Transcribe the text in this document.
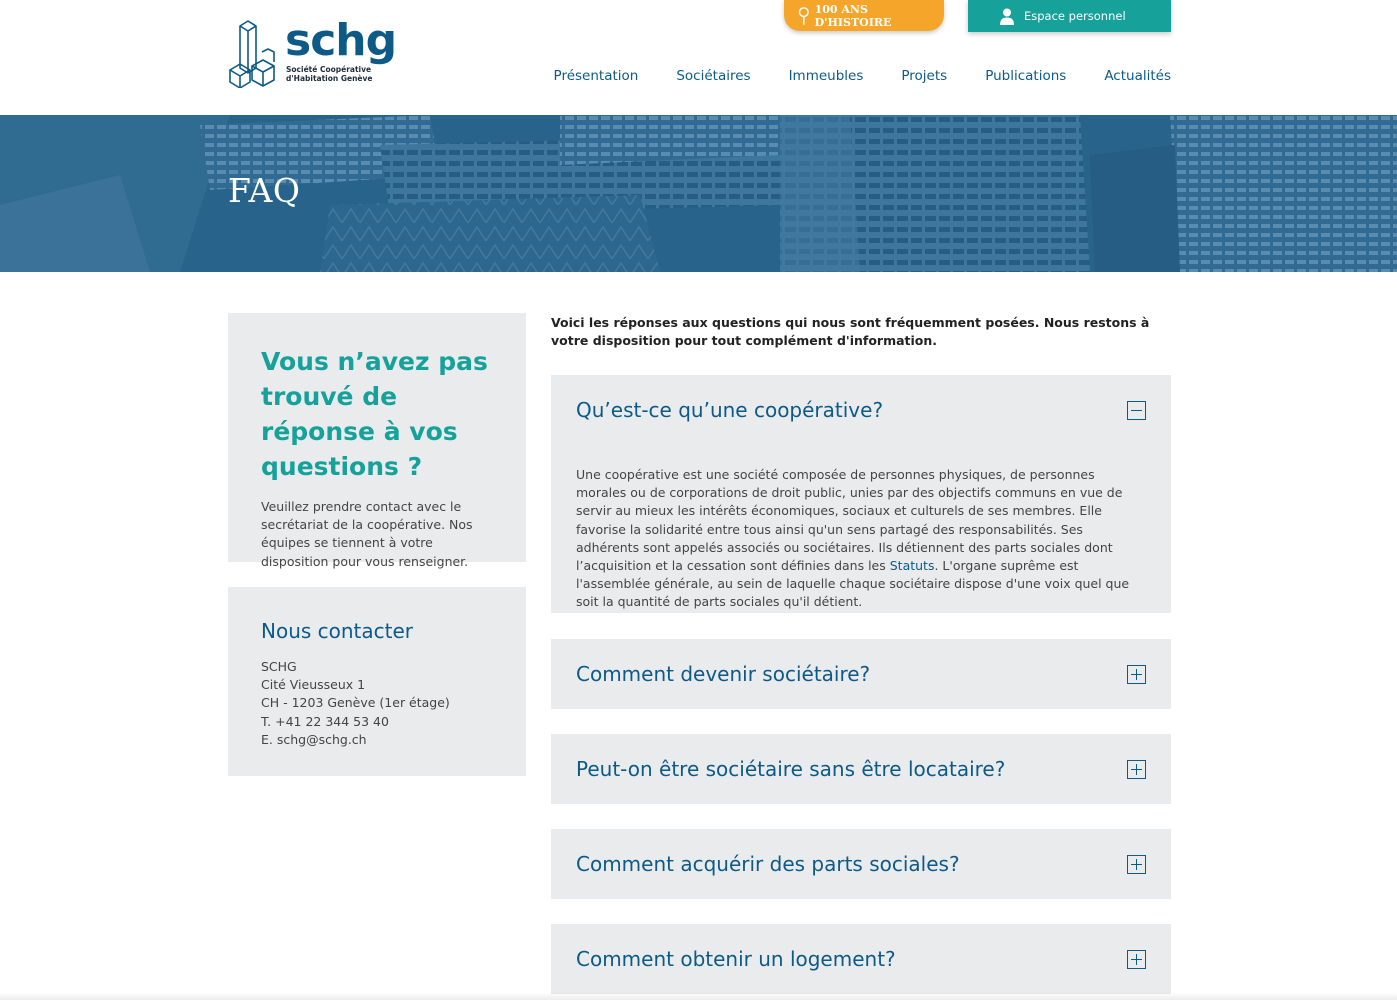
schg
Société Coopérative
d'Habitation Genève
100 ANS D'HISTOIRE	Espace personnel
Présentation	Sociétaires	Immeubles	Projets	Publications	Actualités
FAQ
Vous n’avez pas trouvé de réponse à vos questions ?

Veuillez prendre contact avec le secrétariat de la coopérative. Nos équipes se tiennent à votre disposition pour vous renseigner.

Nous contacter
SCHG
Cité Vieusseux 1
CH - 1203 Genève (1er étage)
T. +41 22 344 53 40
E. schg@schg.ch
Voici les réponses aux questions qui nous sont fréquemment posées. Nous restons à votre disposition pour tout complément d'information.
Qu’est-ce qu’une coopérative?
Une coopérative est une société composée de personnes physiques, de personnes morales ou de corporations de droit public, unies par des objectifs communs en vue de servir au mieux les intérêts économiques, sociaux et culturels de ses membres. Elle favorise la solidarité entre tous ainsi qu'un sens partagé des responsabilités. Ses adhérents sont appelés associés ou sociétaires. Ils détiennent des parts sociales dont l’acquisition et la cessation sont définies dans les Statuts. L'organe suprême est l'assemblée générale, au sein de laquelle chaque sociétaire dispose d'une voix quel que soit la quantité de parts sociales qu'il détient.
Comment devenir sociétaire?
Peut-on être sociétaire sans être locataire?
Comment acquérir des parts sociales?
Comment obtenir un logement?
